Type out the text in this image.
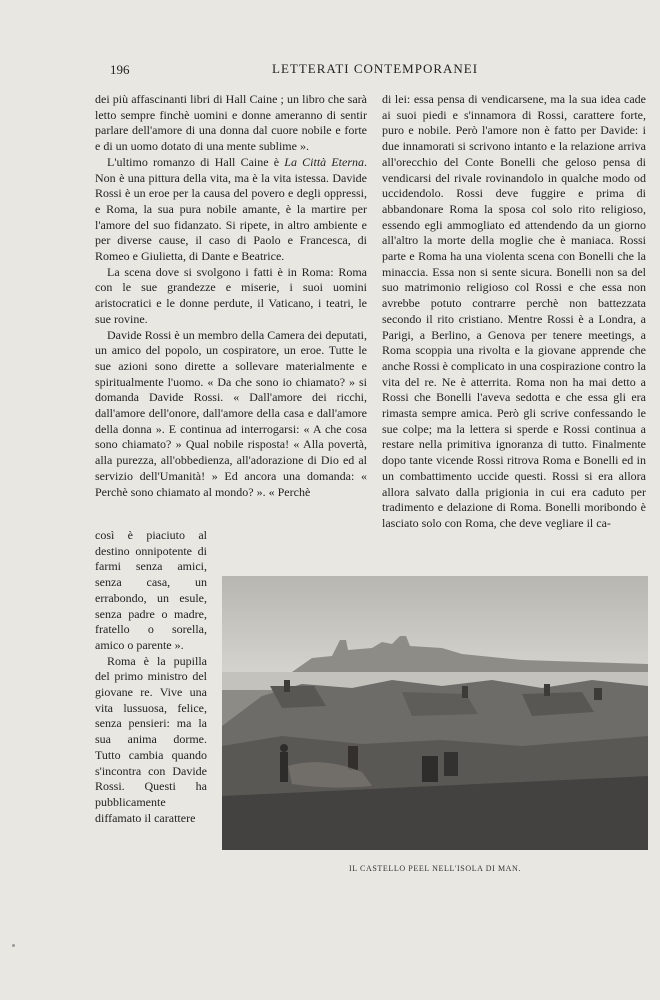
196	LETTERATI CONTEMPORANEI

dei più affascinanti libri di Hall Caine ; un libro che sarà letto sempre finchè uomini e donne ameranno di sentir parlare dell'amore di una donna dal cuore nobile e forte e di un uomo dotato di una mente sublime ».

L'ultimo romanzo di Hall Caine è La Città Eterna. Non è una pittura della vita, ma è la vita istessa. Davide Rossi è un eroe per la causa del povero e degli oppressi, e Roma, la sua pura nobile amante, è la martire per l'amore del suo fidanzato. Si ripete, in altro ambiente e per diverse cause, il caso di Paolo e Francesca, di Romeo e Giulietta, di Dante e Beatrice.

La scena dove si svolgono i fatti è in Roma: Roma con le sue grandezze e miserie, i suoi uomini aristocratici e le donne perdute, il Vaticano, i teatri, le sue rovine.

Davide Rossi è un membro della Camera dei deputati, un amico del popolo, un cospiratore, un eroe. Tutte le sue azioni sono dirette a sollevare materialmente e spiritualmente l'uomo. « Da che sono io chiamato? » si domanda Davide Rossi. « Dall'amore dei ricchi, dall'amore dell'onore, dall'amore della casa e dall'amore della donna ». E continua ad interrogarsi: « A che cosa sono chiamato? » Qual nobile risposta! « Alla povertà, alla purezza, all'obbedienza, all'adorazione di Dio ed al servizio dell'Umanità! » Ed ancora una domanda: « Perchè sono chiamato al mondo? ». « Perchè

così è piaciuto al destino onnipotente di farmi senza amici, senza casa, un errabondo, un esule, senza padre o madre, fratello o sorella, amico o parente ».

Roma è la pupilla del primo ministro del giovane re. Vive una vita lussuosa, felice, senza pensieri: ma la sua anima dorme. Tutto cambia quando s'incontra con Davide Rossi. Questi ha pubblicamente diffamato il carattere

di lei: essa pensa di vendicarsene, ma la sua idea cade ai suoi piedi e s'innamora di Rossi, carattere forte, puro e nobile. Però l'amore non è fatto per Davide: i due innamorati si scrivono intanto e la relazione arriva all'orecchio del Conte Bonelli che geloso pensa di vendicarsi del rivale rovinandolo in qualche modo od uccidendolo. Rossi deve fuggire e prima di abbandonare Roma la sposa col solo rito religioso, essendo egli ammogliato ed attendendo da un giorno all'altro la morte della moglie che è maniaca. Rossi parte e Roma ha una violenta scena con Bonelli che la minaccia. Essa non si sente sicura. Bonelli non sa del suo matrimonio religioso col Rossi e che essa non avrebbe potuto contrarre perchè non battezzata secondo il rito cristiano. Mentre Rossi è a Londra, a Parigi, a Berlino, a Genova per tenere meetings, a Roma scoppia una rivolta e la giovane apprende che anche Rossi è complicato in una cospirazione contro la vita del re. Ne è atterrita. Roma non ha mai detto a Rossi che Bonelli l'aveva sedotta e che essa gli era rimasta sempre amica. Però gli scrive confessando le sue colpe; ma la lettera si sperde e Rossi continua a restare nella primitiva ignoranza di tutto. Finalmente dopo tante vicende Rossi ritrova Roma e Bonelli ed in un combattimento uccide questi. Rossi si era allora allora salvato dalla prigionia in cui era caduto per tradimento e delazione di Roma. Bonelli moribondo è lasciato solo con Roma, che deve vegliare il ca-

IL CASTELLO PEEL NELL'ISOLA DI MAN.
